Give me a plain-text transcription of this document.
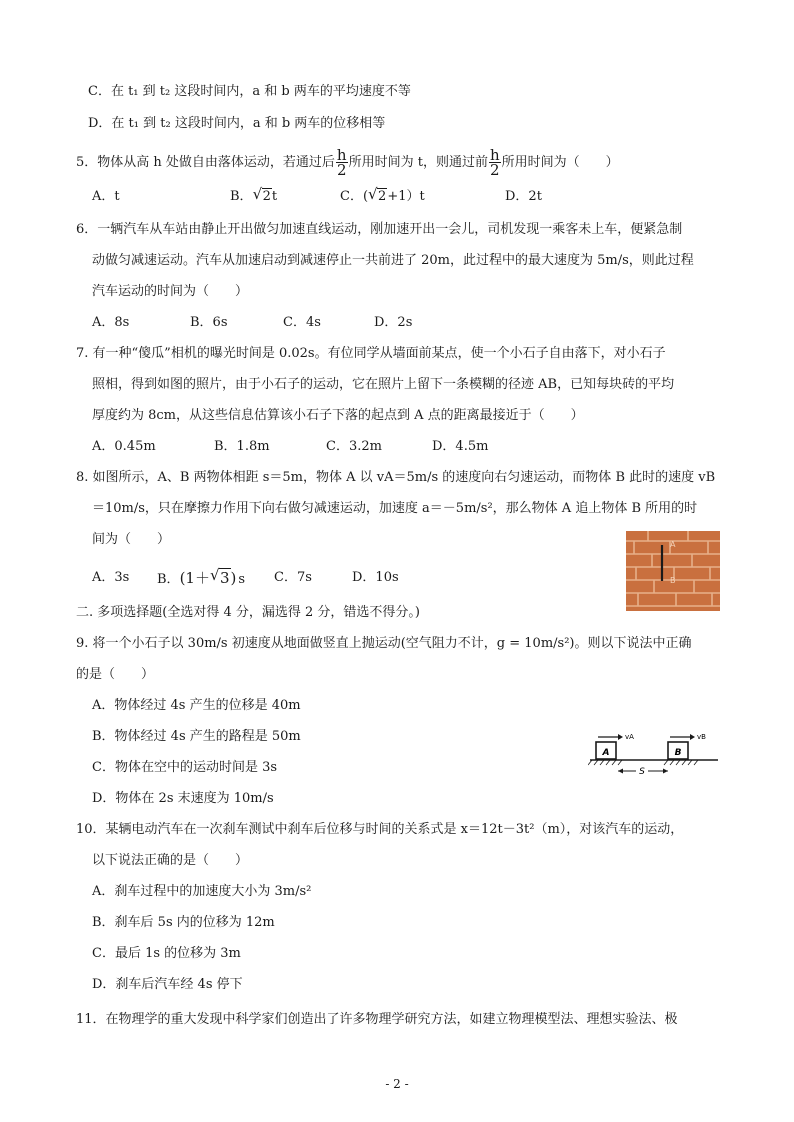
C．在 t₁ 到 t₂ 这段时间内，a 和 b 两车的平均速度不等
D．在 t₁ 到 t₂ 这段时间内，a 和 b 两车的位移相等
5．物体从高 h 处做自由落体运动，若通过后 $\frac{h}{2}$ 所用时间为 t，则通过前 $\frac{h}{2}$ 所用时间为（　　）
A．t	B． √ 2t	C．( √ 2+1）t	D．2t
6．一辆汽车从车站由静止开出做匀加速直线运动，刚加速开出一会儿，司机发现一乘客未上车，便紧急制
动做匀减速运动。汽车从加速启动到减速停止一共前进了 20m，此过程中的最大速度为 5m/s，则此过程
汽车运动的时间为（　　）
A．8s	B．6s	C．4s	D．2s
7. 有一种“傻瓜”相机的曝光时间是 0.02s。有位同学从墙面前某点，使一个小石子自由落下，对小石子
照相，得到如图的照片，由于小石子的运动，它在照片上留下一条模糊的径迹 AB，已知每块砖的平均
厚度约为 8cm，从这些信息估算该小石子下落的起点到 A 点的距离最接近于（　　）
A．0.45m	B．1.8m	C．3.2m	D．4.5m
8. 如图所示，A、B 两物体相距 s＝5m，物体 A 以 vA＝5m/s 的速度向右匀速运动，而物体 B 此时的速度 vB
＝10m/s，只在摩擦力作用下向右做匀减速运动，加速度 a＝－5m/s²，那么物体 A 追上物体 B 所用的时
间为（　　）
A．3s B．(1＋ √ 3) s C．7s	D．10s
A
B
二. 多项选择题(全选对得 4 分，漏选得 2 分，错选不得分。)
9. 将一个小石子以 30m/s 初速度从地面做竖直上抛运动(空气阻力不计，g = 10m/s²)。则以下说法中正确
的是（　　）
A．物体经过 4s 产生的位移是 40m
B．物体经过 4s 产生的路程是 50m
C．物体在空中的运动时间是 3s
D．物体在 2s 末速度为 10m/s
A	B
vA	vB
S
10．某辆电动汽车在一次刹车测试中刹车后位移与时间的关系式是 x＝12t－3t²（m），对该汽车的运动，
以下说法正确的是（　　）
A．刹车过程中的加速度大小为 3m/s²
B．刹车后 5s 内的位移为 12m
C．最后 1s 的位移为 3m
D．刹车后汽车经 4s 停下
11．在物理学的重大发现中科学家们创造出了许多物理学研究方法，如建立物理模型法、理想实验法、极
- 2 -
